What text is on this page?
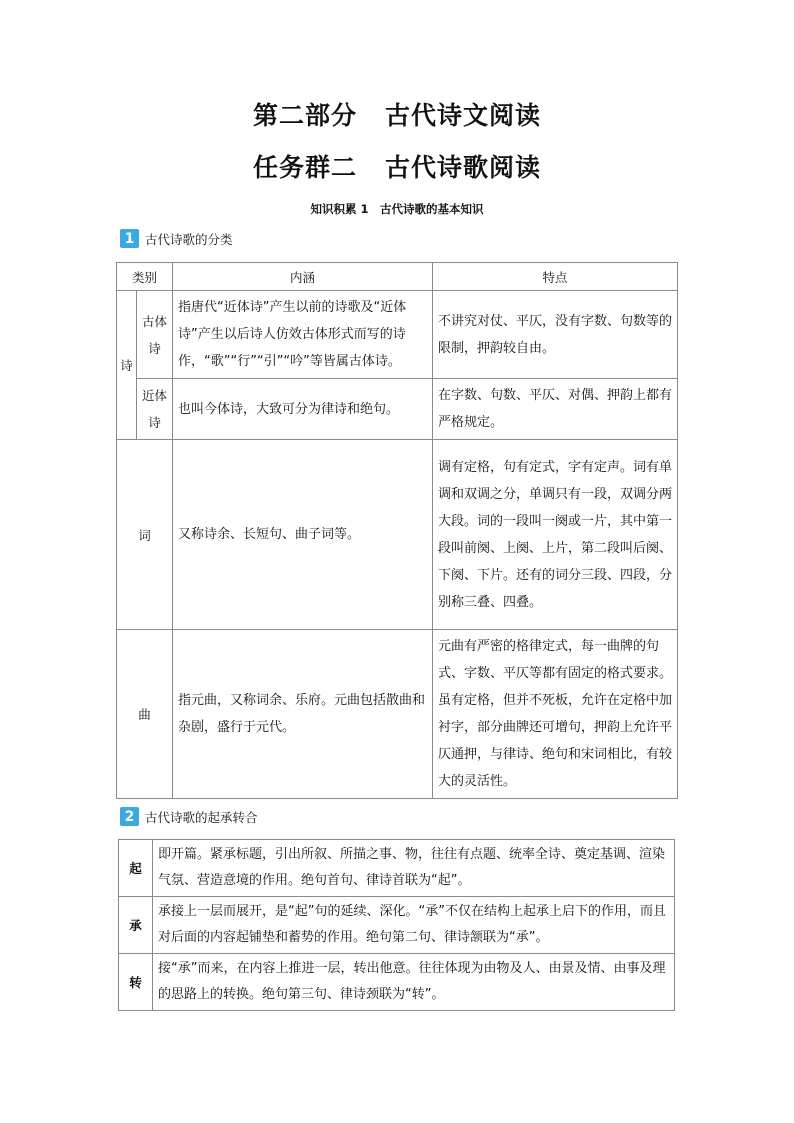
第二部分 古代诗文阅读
任务群二 古代诗歌阅读
知识积累 1　古代诗歌的基本知识
1 古代诗歌的分类
类别		内涵	特点
诗	古体诗	指唐代“近体诗”产生以前的诗歌及“近体诗”产生以后诗人仿效古体形式而写的诗作，“歌”“行”“引”“吟”等皆属古体诗。	不讲究对仗、平仄，没有字数、句数等的限制，押韵较自由。
	近体诗	也叫今体诗，大致可分为律诗和绝句。	在字数、句数、平仄、对偶、押韵上都有严格规定。
词		又称诗余、长短句、曲子词等。	调有定格，句有定式，字有定声。词有单调和双调之分，单调只有一段，双调分两大段。词的一段叫一阕或一片，其中第一段叫前阕、上阕、上片，第二段叫后阕、下阕、下片。还有的词分三段、四段，分别称三叠、四叠。
曲		指元曲，又称词余、乐府。元曲包括散曲和杂剧，盛行于元代。	元曲有严密的格律定式，每一曲牌的句式、字数、平仄等都有固定的格式要求。虽有定格，但并不死板，允许在定格中加衬字，部分曲牌还可增句，押韵上允许平仄通押，与律诗、绝句和宋词相比，有较大的灵活性。
2 古代诗歌的起承转合
起	即开篇。紧承标题，引出所叙、所描之事、物，往往有点题、统率全诗、奠定基调、渲染气氛、营造意境的作用。绝句首句、律诗首联为“起”。
承	承接上一层而展开，是“起”句的延续、深化。“承”不仅在结构上起承上启下的作用，而且对后面的内容起铺垫和蓄势的作用。绝句第二句、律诗颔联为“承”。
转	接“承”而来，在内容上推进一层，转出他意。往往体现为由物及人、由景及情、由事及理的思路上的转换。绝句第三句、律诗颈联为“转”。
